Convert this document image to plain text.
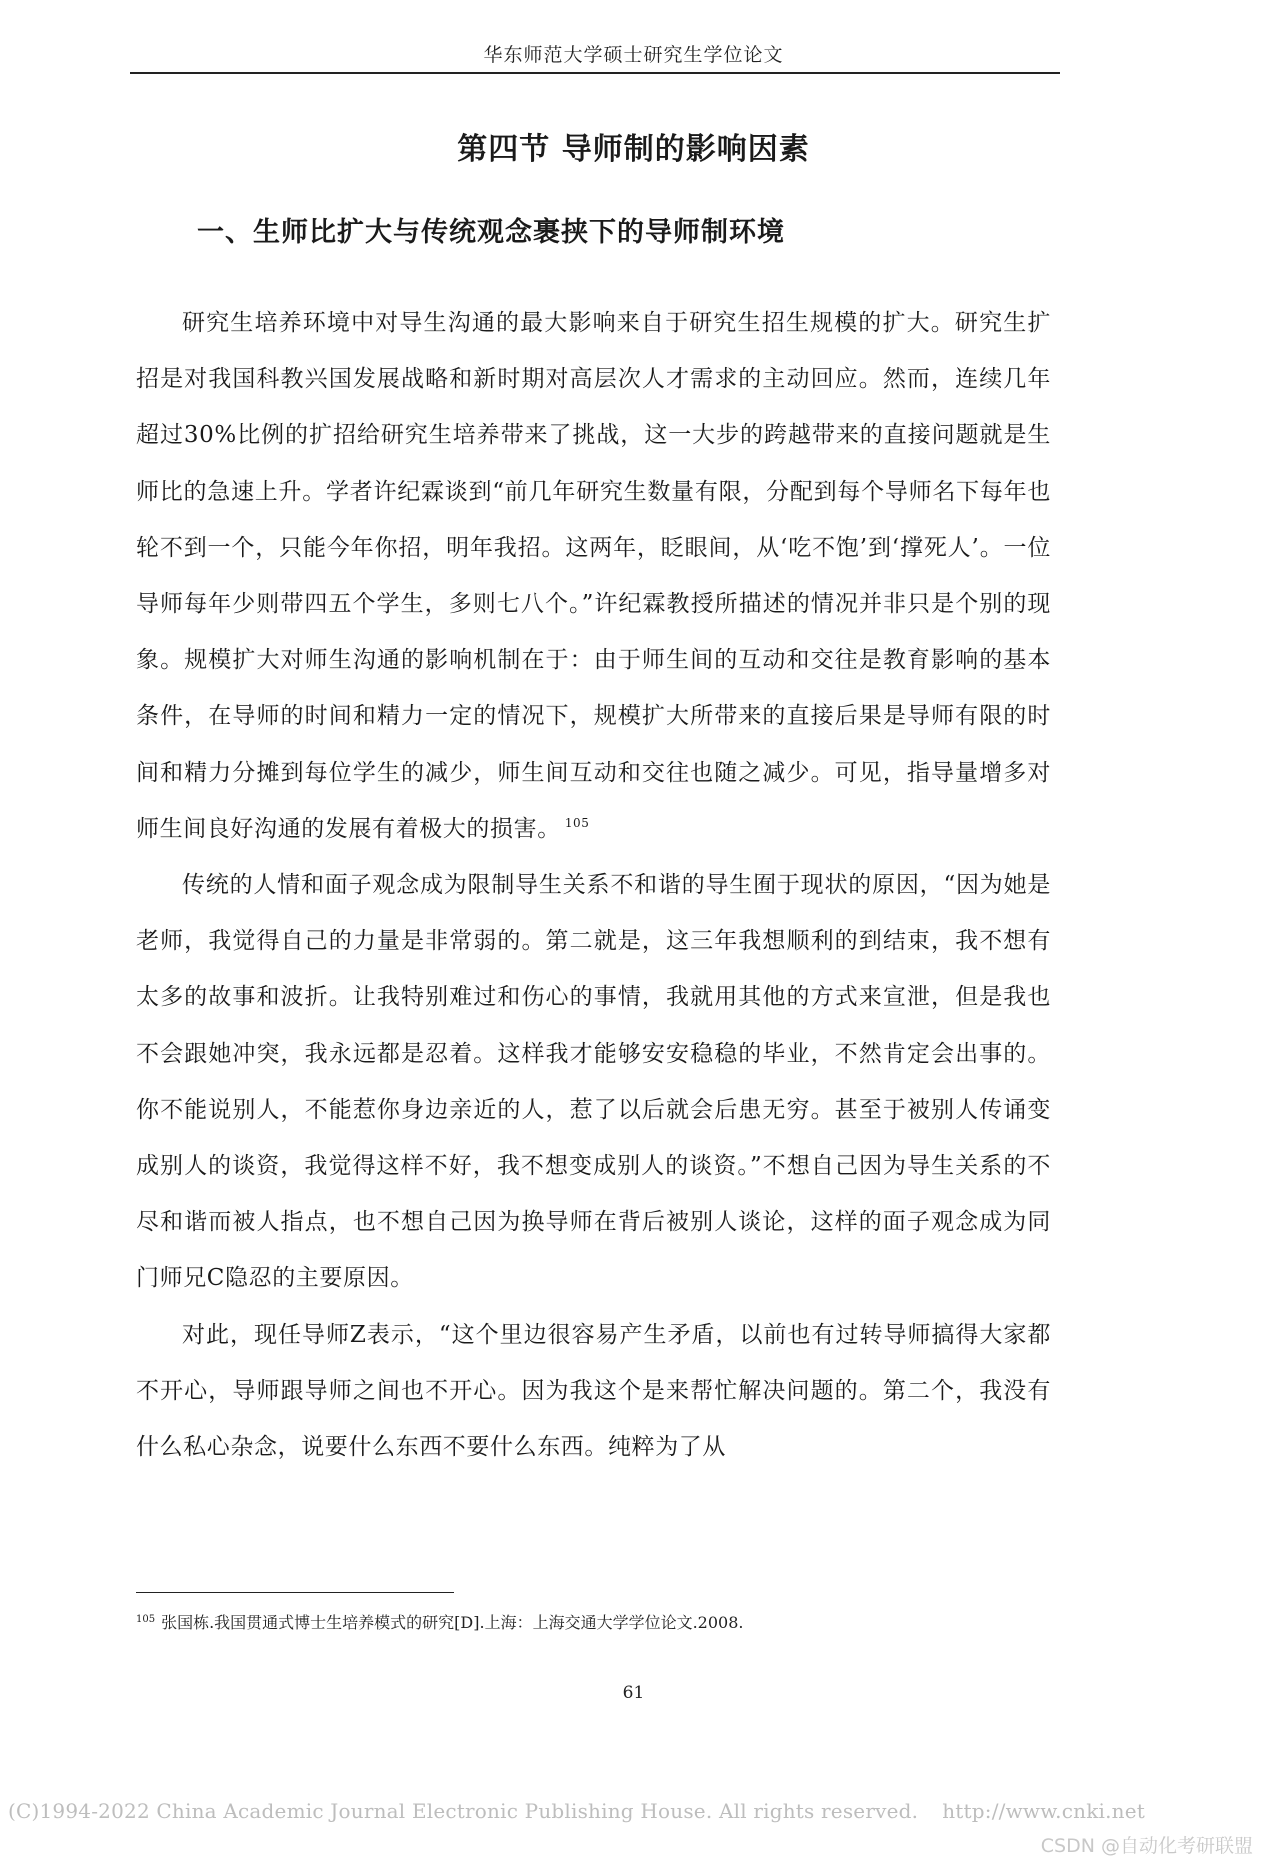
华东师范大学硕士研究生学位论文
第四节 导师制的影响因素
一、生师比扩大与传统观念裹挟下的导师制环境

研究生培养环境中对导生沟通的最大影响来自于研究生招生规模的扩大。研究生扩招是对我国科教兴国发展战略和新时期对高层次人才需求的主动回应。然而，连续几年超过30%比例的扩招给研究生培养带来了挑战，这一大步的跨越带来的直接问题就是生师比的急速上升。学者许纪霖谈到“前几年研究生数量有限，分配到每个导师名下每年也轮不到一个，只能今年你招，明年我招。这两年，眨眼间，从‘吃不饱’到‘撑死人’。一位导师每年少则带四五个学生，多则七八个。”许纪霖教授所描述的情况并非只是个别的现象。规模扩大对师生沟通的影响机制在于：由于师生间的互动和交往是教育影响的基本条件，在导师的时间和精力一定的情况下，规模扩大所带来的直接后果是导师有限的时间和精力分摊到每位学生的减少，师生间互动和交往也随之减少。可见，指导量增多对师生间良好沟通的发展有着极大的损害。 $^{105}$

传统的人情和面子观念成为限制导生关系不和谐的导生囿于现状的原因，“因为她是老师，我觉得自己的力量是非常弱的。第二就是，这三年我想顺利的到结束，我不想有太多的故事和波折。让我特别难过和伤心的事情，我就用其他的方式来宣泄，但是我也不会跟她冲突，我永远都是忍着。这样我才能够安安稳稳的毕业，不然肯定会出事的。你不能说别人，不能惹你身边亲近的人，惹了以后就会后患无穷。甚至于被别人传诵变成别人的谈资，我觉得这样不好，我不想变成别人的谈资。”不想自己因为导生关系的不尽和谐而被人指点，也不想自己因为换导师在背后被别人谈论，这样的面子观念成为同门师兄C隐忍的主要原因。

对此，现任导师Z表示，“这个里边很容易产生矛盾，以前也有过转导师搞得大家都不开心，导师跟导师之间也不开心。因为我这个是来帮忙解决问题的。第二个，我没有什么私心杂念，说要什么东西不要什么东西。纯粹为了从

$^{105}$ 张国栋.我国贯通式博士生培养模式的研究[D].上海：上海交通大学学位论文.2008.
61
(C)1994-2022 China Academic Journal Electronic Publishing House. All rights reserved. http://www.cnki.net
CSDN @自动化考研联盟
